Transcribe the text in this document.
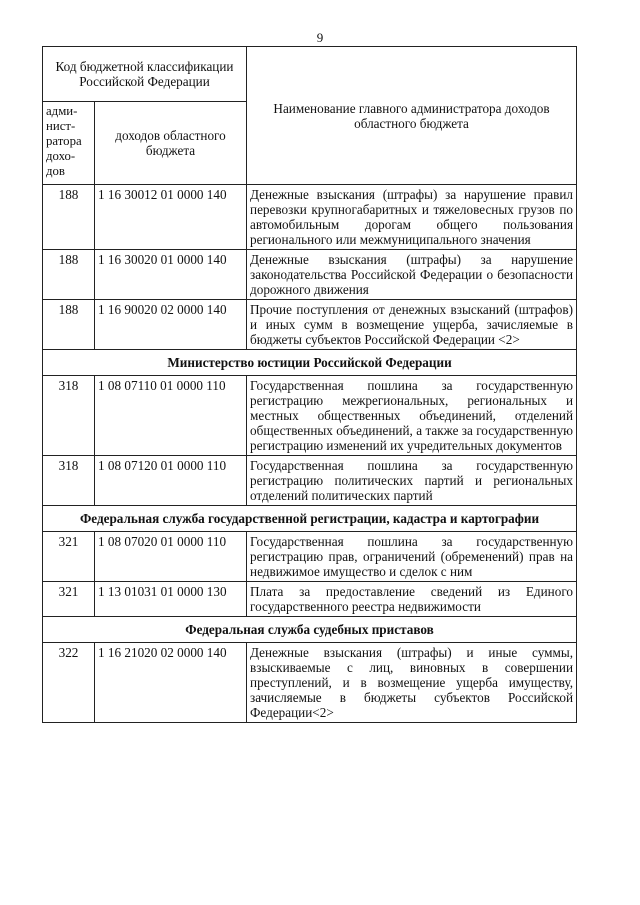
9
Код бюджетной классификации Российской Федерации		Наименование главного администратора доходов областного бюджета
адми-нист-ратора дохо-дов	доходов областного бюджета	
188	1 16 30012 01 0000 140	Денежные взыскания (штрафы) за нарушение правил перевозки крупногабаритных и тяжеловесных грузов по автомобильным дорогам общего пользования регионального или межмуниципального значения
188	1 16 30020 01 0000 140	Денежные взыскания (штрафы) за нарушение законодательства Российской Федерации о безопасности дорожного движения
188	1 16 90020 02 0000 140	Прочие поступления от денежных взысканий (штрафов) и иных сумм в возмещение ущерба, зачисляемые в бюджеты субъектов Российской Федерации <2>
Министерство юстиции Российской Федерации		
318	1 08 07110 01 0000 110	Государственная пошлина за государственную регистрацию межрегиональных, региональных и местных общественных объединений, отделений общественных объединений, а также за государственную регистрацию изменений их учредительных документов
318	1 08 07120 01 0000 110	Государственная пошлина за государственную регистрацию политических партий и региональных отделений политических партий
Федеральная служба государственной регистрации, кадастра и картографии		
321	1 08 07020 01 0000 110	Государственная пошлина за государственную регистрацию прав, ограничений (обременений) прав на недвижимое имущество и сделок с ним
321	1 13 01031 01 0000 130	Плата за предоставление сведений из Единого государственного реестра недвижимости
Федеральная служба судебных приставов		
322	1 16 21020 02 0000 140	Денежные взыскания (штрафы) и иные суммы, взыскиваемые с лиц, виновных в совершении преступлений, и в возмещение ущерба имуществу, зачисляемые в бюджеты субъектов Российской Федерации<2>
